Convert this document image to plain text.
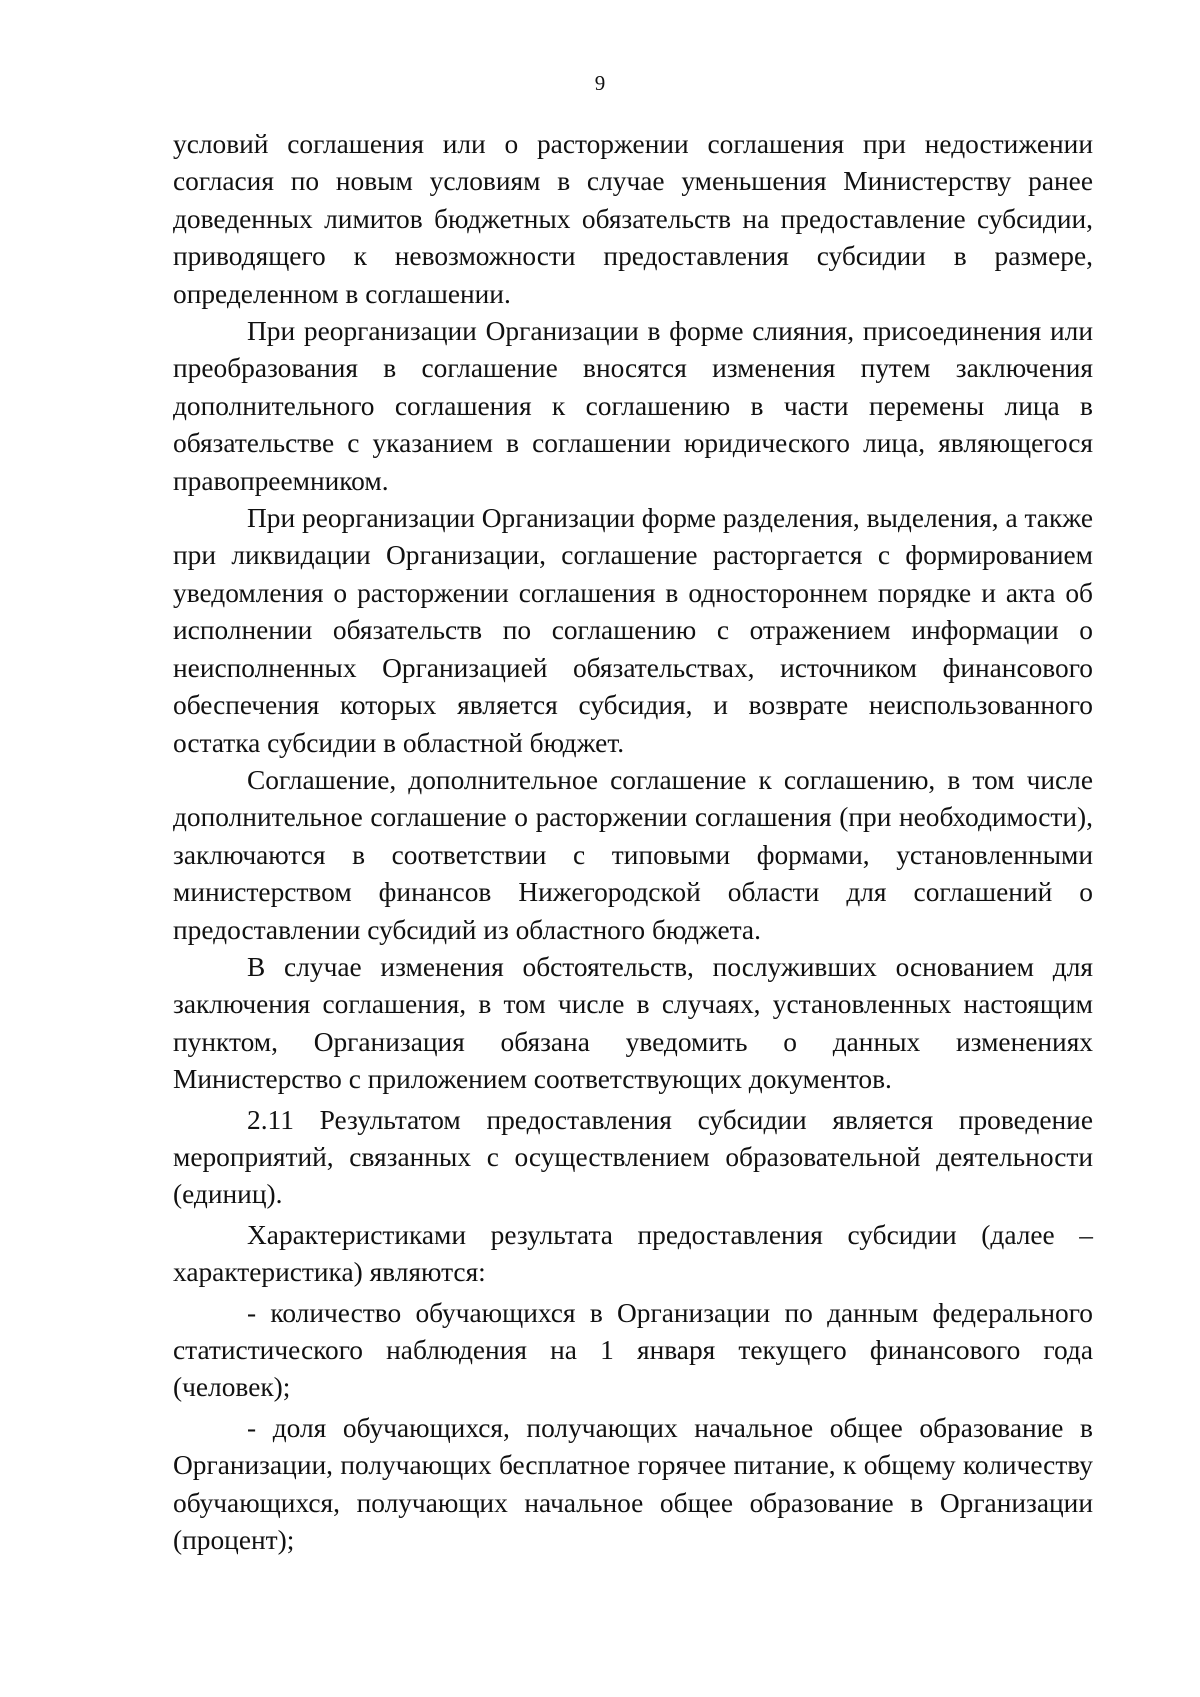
9

условий соглашения или о расторжении соглашения при недостижении согласия по новым условиям в случае уменьшения Министерству ранее доведенных лимитов бюджетных обязательств на предоставление субсидии, приводящего к невозможности предоставления субсидии в размере, определенном в соглашении.

При реорганизации Организации в форме слияния, присоединения или преобразования в соглашение вносятся изменения путем заключения дополнительного соглашения к соглашению в части перемены лица в обязательстве с указанием в соглашении юридического лица, являющегося правопреемником.

При реорганизации Организации форме разделения, выделения, а также при ликвидации Организации, соглашение расторгается с формированием уведомления о расторжении соглашения в одностороннем порядке и акта об исполнении обязательств по соглашению с отражением информации о неисполненных Организацией обязательствах, источником финансового обеспечения которых является субсидия, и возврате неиспользованного остатка субсидии в областной бюджет.

Соглашение, дополнительное соглашение к соглашению, в том числе дополнительное соглашение о расторжении соглашения (при необходимости), заключаются в соответствии с типовыми формами, установленными министерством финансов Нижегородской области для соглашений о предоставлении субсидий из областного бюджета.

В случае изменения обстоятельств, послуживших основанием для заключения соглашения, в том числе в случаях, установленных настоящим пунктом, Организация обязана уведомить о данных изменениях Министерство с приложением соответствующих документов.

2.11 Результатом предоставления субсидии является проведение мероприятий, связанных с осуществлением образовательной деятельности (единиц).

Характеристиками результата предоставления субсидии (далее – характеристика) являются:

- количество обучающихся в Организации по данным федерального статистического наблюдения на 1 января текущего финансового года (человек);

- доля обучающихся, получающих начальное общее образование в Организации, получающих бесплатное горячее питание, к общему количеству обучающихся, получающих начальное общее образование в Организации (процент);
